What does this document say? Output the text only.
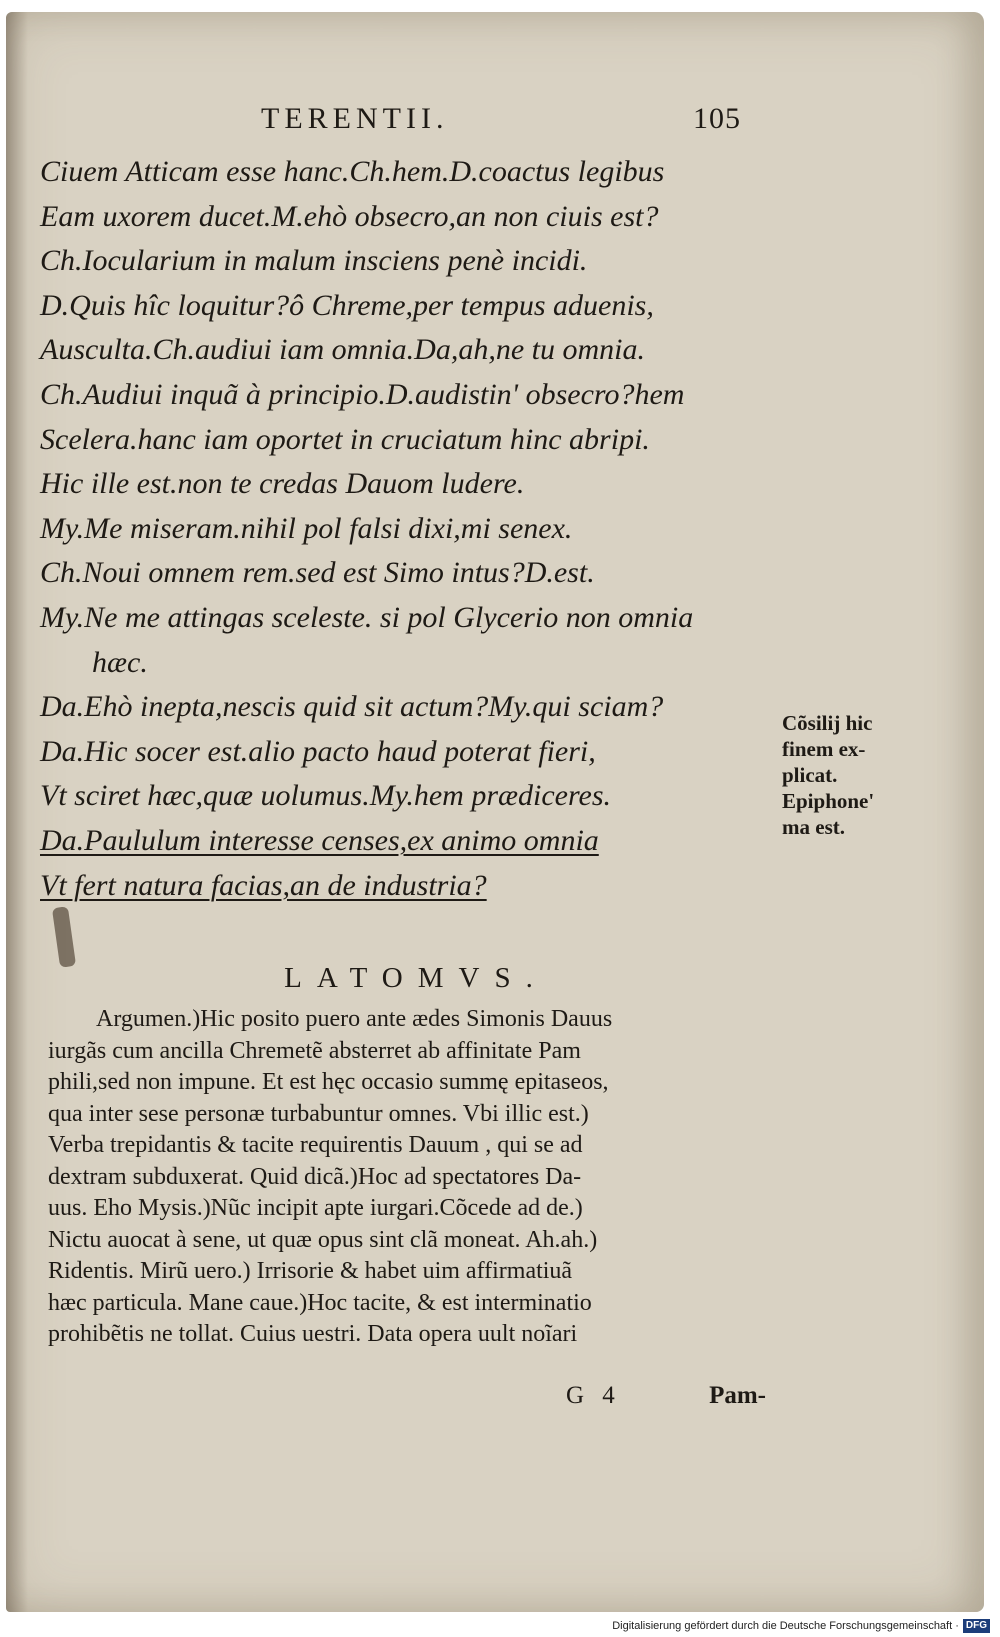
TERENTII.	105
Ciuem Atticam esse hanc.Ch.hem.D.coactus legibus
Eam uxorem ducet.M.ehò obsecro,an non ciuis est?
Ch.Iocularium in malum insciens penè incidi.
D.Quis hîc loquitur?ô Chreme,per tempus aduenis,
Ausculta.Ch.audiui iam omnia.Da,ah,ne tu omnia.
Ch.Audiui inquã à principio.D.audistin' obsecro?hem
Scelera.hanc iam oportet in cruciatum hinc abripi.
Hic ille est.non te credas Dauom ludere.
My.Me miseram.nihil pol falsi dixi,mi senex.
Ch.Noui omnem rem.sed est Simo intus?D.est.
My.Ne me attingas sceleste. si pol Glycerio non omnia
hæc.
Da.Ehò inepta,nescis quid sit actum?My.qui sciam?
Da.Hic socer est.alio pacto haud poterat fieri,
Vt sciret hæc,quæ uolumus.My.hem prædiceres.
Da.Paululum interesse censes,ex animo omnia
Vt fert natura facias,an de industria?
Cõsilij hic
finem ex-
plicat.
Epiphone'
ma est.
LATOMVS.
Argumen.)Hic posito puero ante ædes Simonis Dauus
iurgãs cum ancilla Chremetẽ absterret ab affinitate Pam
phili,sed non impune. Et est hęc occasio summę epitaseos,
qua inter sese personæ turbabuntur omnes. Vbi illic est.)
Verba trepidantis & tacite requirentis Dauum , qui se ad
dextram subduxerat. Quid dicã.)Hoc ad spectatores Da-
uus. Eho Mysis.)Nũc incipit apte iurgari.Cõcede ad de.)
Nictu auocat à sene, ut quæ opus sint clã moneat. Ah.ah.)
Ridentis. Mirũ uero.) Irrisorie & habet uim affirmatiuã
hæc particula. Mane caue.)Hoc tacite, & est interminatio
prohibẽtis ne tollat. Cuius uestri. Data opera uult noĩari
G 4	Pam-
Digitalisierung gefördert durch die Deutsche Forschungsgemeinschaft · DFG
